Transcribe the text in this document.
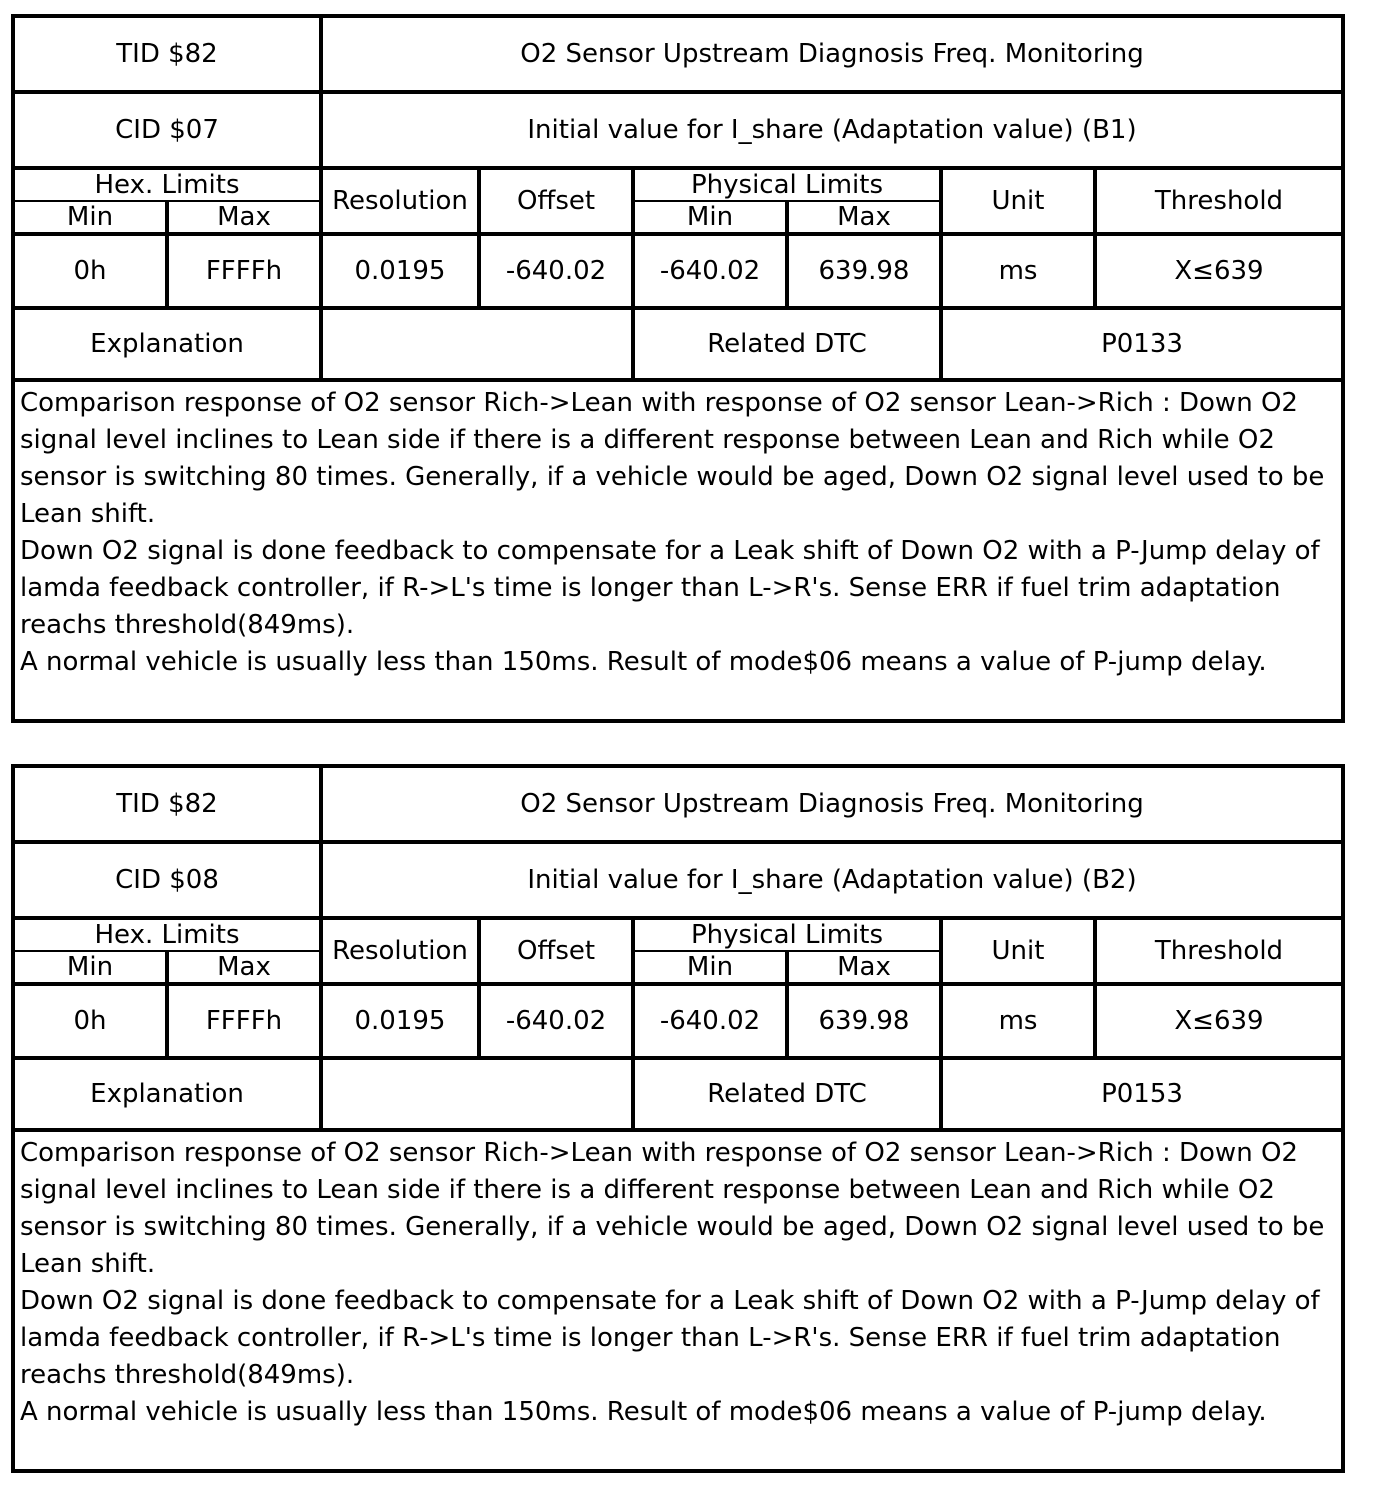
TID $82		O2 Sensor Upstream Diagnosis Freq. Monitoring					
CID $07		Initial value for I_share (Adaptation value) (B1)					
Hex. Limits		Resolution	Offset	Physical Limits		Unit	Threshold
Min	Max			Min	Max		
0h	FFFFh	0.0195	-640.02	-640.02	639.98	ms	X≤639
Explanation				Related DTC		P0133	

Comparison response of O2 sensor Rich->Lean with response of O2 sensor Lean->Rich : Down O2 signal level inclines to Lean side if there is a different response between Lean and Rich while O2 sensor is switching 80 times. Generally, if a vehicle would be aged, Down O2 signal level used to be Lean shift.
Down O2 signal is done feedback to compensate for a Leak shift of Down O2 with a P-Jump delay of lamda feedback controller, if R->L's time is longer than L->R's. Sense ERR if fuel trim adaptation reachs threshold(849ms).
A normal vehicle is usually less than 150ms. Result of mode$06 means a value of P-jump delay.							
TID $82		O2 Sensor Upstream Diagnosis Freq. Monitoring					
CID $08		Initial value for I_share (Adaptation value) (B2)					
Hex. Limits		Resolution	Offset	Physical Limits		Unit	Threshold
Min	Max			Min	Max		
0h	FFFFh	0.0195	-640.02	-640.02	639.98	ms	X≤639
Explanation				Related DTC		P0153	

Comparison response of O2 sensor Rich->Lean with response of O2 sensor Lean->Rich : Down O2 signal level inclines to Lean side if there is a different response between Lean and Rich while O2 sensor is switching 80 times. Generally, if a vehicle would be aged, Down O2 signal level used to be Lean shift.
Down O2 signal is done feedback to compensate for a Leak shift of Down O2 with a P-Jump delay of lamda feedback controller, if R->L's time is longer than L->R's. Sense ERR if fuel trim adaptation reachs threshold(849ms).
A normal vehicle is usually less than 150ms. Result of mode$06 means a value of P-jump delay.							
